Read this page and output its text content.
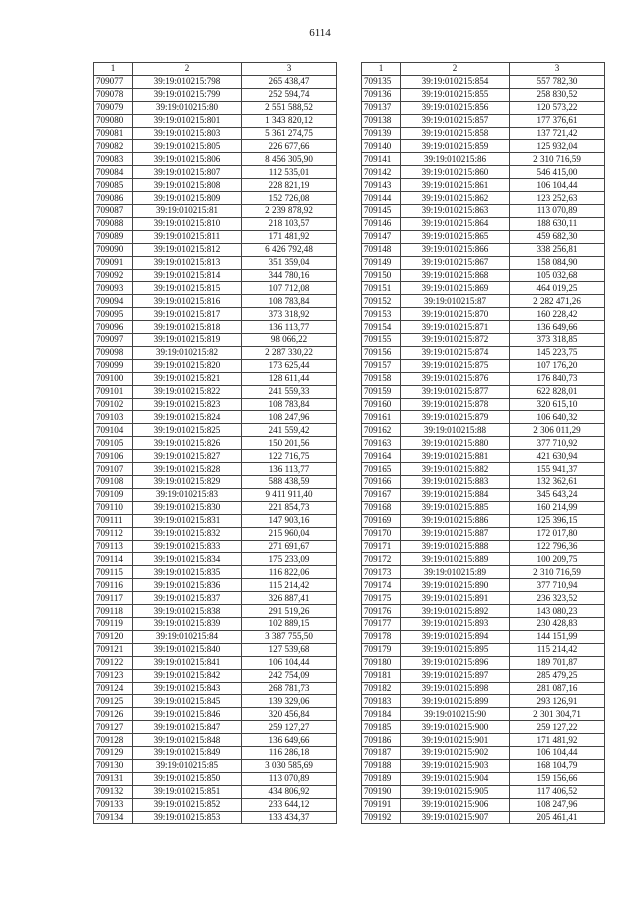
6114
1	2	3
709077	39:19:010215:798	265 438,47
709078	39:19:010215:799	252 594,74
709079	39:19:010215:80	2 551 588,52
709080	39:19:010215:801	1 343 820,12
709081	39:19:010215:803	5 361 274,75
709082	39:19:010215:805	226 677,66
709083	39:19:010215:806	8 456 305,90
709084	39:19:010215:807	112 535,01
709085	39:19:010215:808	228 821,19
709086	39:19:010215:809	152 726,08
709087	39:19:010215:81	2 239 878,92
709088	39:19:010215:810	218 103,57
709089	39:19:010215:811	171 481,92
709090	39:19:010215:812	6 426 792,48
709091	39:19:010215:813	351 359,04
709092	39:19:010215:814	344 780,16
709093	39:19:010215:815	107 712,08
709094	39:19:010215:816	108 783,84
709095	39:19:010215:817	373 318,92
709096	39:19:010215:818	136 113,77
709097	39:19:010215:819	98 066,22
709098	39:19:010215:82	2 287 330,22
709099	39:19:010215:820	173 625,44
709100	39:19:010215:821	128 611,44
709101	39:19:010215:822	241 559,33
709102	39:19:010215:823	108 783,84
709103	39:19:010215:824	108 247,96
709104	39:19:010215:825	241 559,42
709105	39:19:010215:826	150 201,56
709106	39:19:010215:827	122 716,75
709107	39:19:010215:828	136 113,77
709108	39:19:010215:829	588 438,59
709109	39:19:010215:83	9 411 911,40
709110	39:19:010215:830	221 854,73
709111	39:19:010215:831	147 903,16
709112	39:19:010215:832	215 960,04
709113	39:19:010215:833	271 691,67
709114	39:19:010215:834	175 233,09
709115	39:19:010215:835	116 822,06
709116	39:19:010215:836	115 214,42
709117	39:19:010215:837	326 887,41
709118	39:19:010215:838	291 519,26
709119	39:19:010215:839	102 889,15
709120	39:19:010215:84	3 387 755,50
709121	39:19:010215:840	127 539,68
709122	39:19:010215:841	106 104,44
709123	39:19:010215:842	242 754,09
709124	39:19:010215:843	268 781,73
709125	39:19:010215:845	139 329,06
709126	39:19:010215:846	320 456,84
709127	39:19:010215:847	259 127,27
709128	39:19:010215:848	136 649,66
709129	39:19:010215:849	116 286,18
709130	39:19:010215:85	3 030 585,69
709131	39:19:010215:850	113 070,89
709132	39:19:010215:851	434 806,92
709133	39:19:010215:852	233 644,12
709134	39:19:010215:853	133 434,37
1	2	3
709135	39:19:010215:854	557 782,30
709136	39:19:010215:855	258 830,52
709137	39:19:010215:856	120 573,22
709138	39:19:010215:857	177 376,61
709139	39:19:010215:858	137 721,42
709140	39:19:010215:859	125 932,04
709141	39:19:010215:86	2 310 716,59
709142	39:19:010215:860	546 415,00
709143	39:19:010215:861	106 104,44
709144	39:19:010215:862	123 252,63
709145	39:19:010215:863	113 070,89
709146	39:19:010215:864	188 630,11
709147	39:19:010215:865	459 682,30
709148	39:19:010215:866	338 256,81
709149	39:19:010215:867	158 084,90
709150	39:19:010215:868	105 032,68
709151	39:19:010215:869	464 019,25
709152	39:19:010215:87	2 282 471,26
709153	39:19:010215:870	160 228,42
709154	39:19:010215:871	136 649,66
709155	39:19:010215:872	373 318,85
709156	39:19:010215:874	145 223,75
709157	39:19:010215:875	107 176,20
709158	39:19:010215:876	176 840,73
709159	39:19:010215:877	622 828,01
709160	39:19:010215:878	320 615,10
709161	39:19:010215:879	106 640,32
709162	39:19:010215:88	2 306 011,29
709163	39:19:010215:880	377 710,92
709164	39:19:010215:881	421 630,94
709165	39:19:010215:882	155 941,37
709166	39:19:010215:883	132 362,61
709167	39:19:010215:884	345 643,24
709168	39:19:010215:885	160 214,99
709169	39:19:010215:886	125 396,15
709170	39:19:010215:887	172 017,80
709171	39:19:010215:888	122 796,36
709172	39:19:010215:889	100 209,75
709173	39:19:010215:89	2 310 716,59
709174	39:19:010215:890	377 710,94
709175	39:19:010215:891	236 323,52
709176	39:19:010215:892	143 080,23
709177	39:19:010215:893	230 428,83
709178	39:19:010215:894	144 151,99
709179	39:19:010215:895	115 214,42
709180	39:19:010215:896	189 701,87
709181	39:19:010215:897	285 479,25
709182	39:19:010215:898	281 087,16
709183	39:19:010215:899	293 126,91
709184	39:19:010215:90	2 301 304,71
709185	39:19:010215:900	259 127,22
709186	39:19:010215:901	171 481,92
709187	39:19:010215:902	106 104,44
709188	39:19:010215:903	168 104,79
709189	39:19:010215:904	159 156,66
709190	39:19:010215:905	117 406,52
709191	39:19:010215:906	108 247,96
709192	39:19:010215:907	205 461,41
